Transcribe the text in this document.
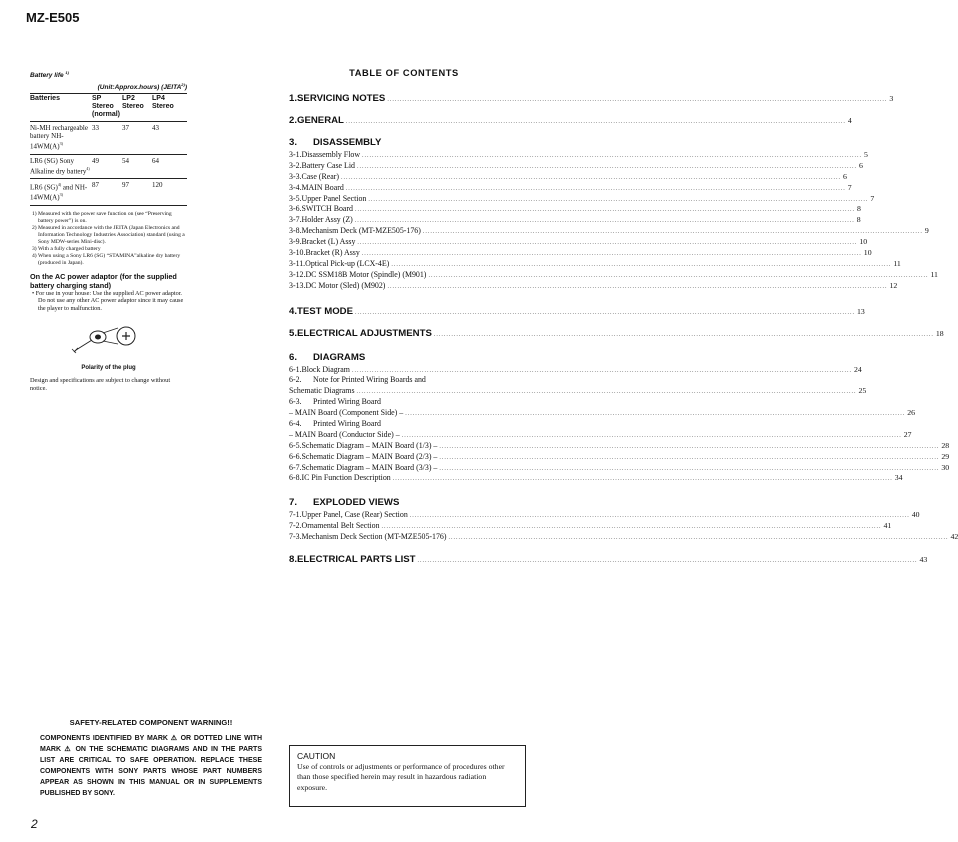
MZ-E505
Battery life $^{1)}$
(Unit:Approx.hours) (JEITA$^{2)}$)
Batteries	SP Stereo (normal)	LP2 Stereo	LP4 Stereo
Ni-MH rechargeable battery $NH-14WM(A)^{3)}$	33	37	43
LR6 (SG) Sony Alkaline dry battery$^{4)}$	49	54	64
LR6 (SG)$^{4)}$ and $NH-14WM(A)^{3)}$	87	97	120
1) Measured with the power save function on (see “Preserving battery power”) is on.
2) Measured in accordance with the JEITA (Japan Electronics and Information Technology Industries Association) standard (using a Sony MDW-series Mini-disc).
3) With a fully charged battery
4) When using a Sony LR6 (SG) “STAMINA”alkaline dry battery (produced in Japan).
On the AC power adaptor (for the supplied battery charging stand)
• For use in your house: Use the supplied AC power adaptor. Do not use any other AC power adaptor since it may cause the player to malfunction.
Polarity of the plug
Design and specifications are subject to change without notice.
TABLE OF CONTENTS
1. SERVICING NOTES ........................................................................................................................................................................................................ 3
2. GENERAL ........................................................................................................................................................................................................ 4
3.	DISASSEMBLY
3-1. Disassembly Flow ........................................................................................................................................................................................................ 5
3-2. Battery Case Lid ........................................................................................................................................................................................................ 6
3-3. Case (Rear) ........................................................................................................................................................................................................ 6
3-4. MAIN Board ........................................................................................................................................................................................................ 7
3-5. Upper Panel Section ........................................................................................................................................................................................................ 7
3-6. SWITCH Board ........................................................................................................................................................................................................ 8
3-7. Holder Assy (Z) ........................................................................................................................................................................................................ 8
3-8. Mechanism Deck (MT-MZE505-176) ........................................................................................................................................................................................................ 9
3-9. Bracket (L) Assy ........................................................................................................................................................................................................ 10
3-10. Bracket (R) Assy ........................................................................................................................................................................................................ 10
3-11. Optical Pick-up (LCX-4E) ........................................................................................................................................................................................................ 11
3-12. DC SSM18B Motor (Spindle) (M901) ........................................................................................................................................................................................................ 11
3-13. DC Motor (Sled) (M902) ........................................................................................................................................................................................................ 12
4. TEST MODE ........................................................................................................................................................................................................ 13
5. ELECTRICAL ADJUSTMENTS ........................................................................................................................................................................................................ 18
6.	DIAGRAMS
6-1. Block Diagram ........................................................................................................................................................................................................ 24
6-2.	Note for Printed Wiring Boards and
Schematic Diagrams ........................................................................................................................................................................................................ 25
6-3.	Printed Wiring Board
– MAIN Board (Component Side) – ........................................................................................................................................................................................................ 26
6-4.	Printed Wiring Board
– MAIN Board (Conductor Side) – ........................................................................................................................................................................................................ 27
6-5. Schematic Diagram – MAIN Board (1/3) – ........................................................................................................................................................................................................ 28
6-6. Schematic Diagram – MAIN Board (2/3) – ........................................................................................................................................................................................................ 29
6-7. Schematic Diagram – MAIN Board (3/3) – ........................................................................................................................................................................................................ 30
6-8. IC Pin Function Description ........................................................................................................................................................................................................ 34
7.	EXPLODED VIEWS
7-1. Upper Panel, Case (Rear) Section ........................................................................................................................................................................................................ 40
7-2. Ornamental Belt Section ........................................................................................................................................................................................................ 41
7-3. Mechanism Deck Section (MT-MZE505-176) ........................................................................................................................................................................................................ 42
8. ELECTRICAL PARTS LIST ........................................................................................................................................................................................................ 43
SAFETY-RELATED COMPONENT WARNING!!
COMPONENTS IDENTIFIED BY MARK ⚠ OR DOTTED LINE WITH MARK ⚠ ON THE SCHEMATIC DIAGRAMS AND IN THE PARTS LIST ARE CRITICAL TO SAFE OPERATION. REPLACE THESE COMPONENTS WITH SONY PARTS WHOSE PART NUMBERS APPEAR AS SHOWN IN THIS MANUAL OR IN SUPPLEMENTS PUBLISHED BY SONY.
CAUTION
Use of controls or adjustments or performance of procedures other than those specified herein may result in hazardous radiation exposure.
2
